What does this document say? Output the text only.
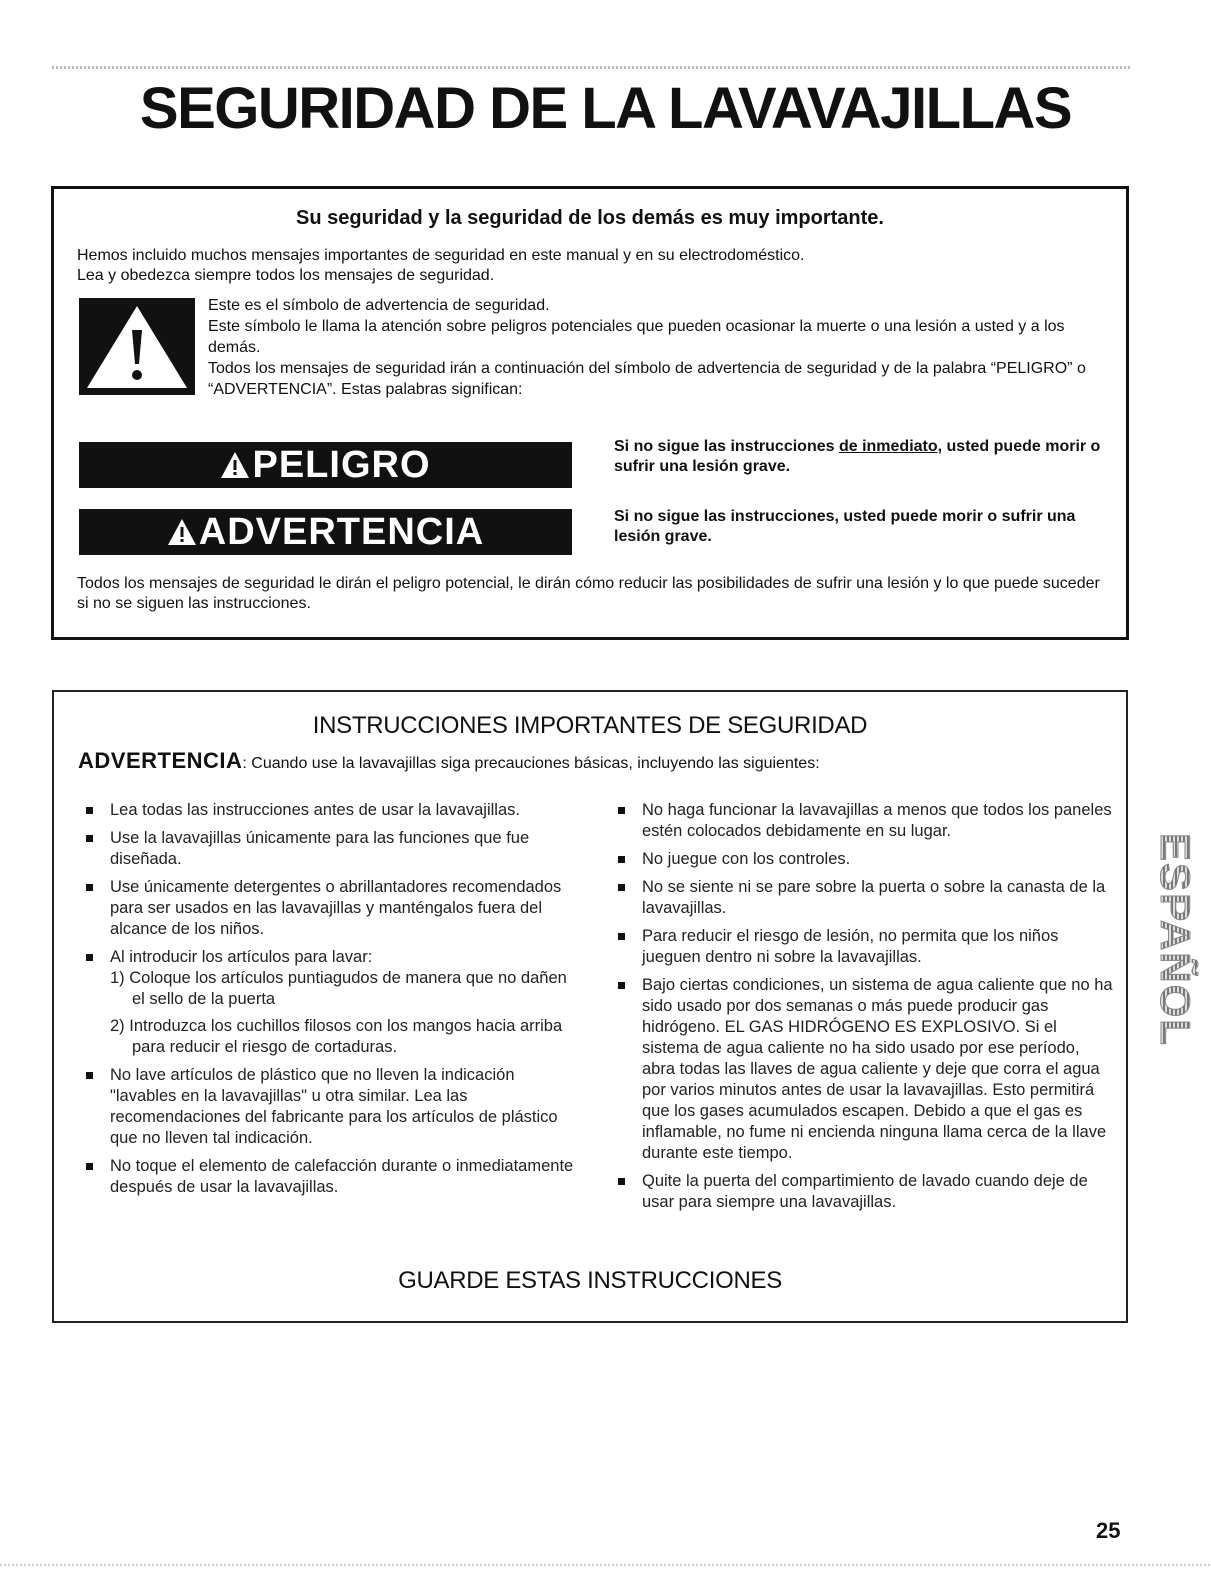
SEGURIDAD DE LA LAVAVAJILLAS
Su seguridad y la seguridad de los demás es muy importante.
Hemos incluido muchos mensajes importantes de seguridad en este manual y en su electrodoméstico.
Lea y obedezca siempre todos los mensajes de seguridad.
Este es el símbolo de advertencia de seguridad.
Este símbolo le llama la atención sobre peligros potenciales que pueden ocasionar la muerte o una lesión a usted y a los demás.
Todos los mensajes de seguridad irán a continuación del símbolo de advertencia de seguridad y de la palabra “PELIGRO” o “ADVERTENCIA”. Estas palabras significan:
PELIGRO	Si no sigue las instrucciones de inmediato, usted puede morir o sufrir una lesión grave.
ADVERTENCIA	Si no sigue las instrucciones, usted puede morir o sufrir una lesión grave.
Todos los mensajes de seguridad le dirán el peligro potencial, le dirán cómo reducir las posibilidades de sufrir una lesión y lo que puede suceder si no se siguen las instrucciones.
INSTRUCCIONES IMPORTANTES DE SEGURIDAD
ADVERTENCIA: Cuando use la lavavajillas siga precauciones básicas, incluyendo las siguientes:
Lea todas las instrucciones antes de usar la lavavajillas.
Use la lavavajillas únicamente para las funciones que fue diseñada.
Use únicamente detergentes o abrillantadores recomendados para ser usados en las lavavajillas y manténgalos fuera del alcance de los niños.
Al introducir los artículos para lavar:
1) Coloque los artículos puntiagudos de manera que no dañen el sello de la puerta
2) Introduzca los cuchillos filosos con los mangos hacia arriba para reducir el riesgo de cortaduras.
No lave artículos de plástico que no lleven la indicación "lavables en la lavavajillas" u otra similar. Lea las recomendaciones del fabricante para los artículos de plástico que no lleven tal indicación.
No toque el elemento de calefacción durante o inmediatamente después de usar la lavavajillas.
No haga funcionar la lavavajillas a menos que todos los paneles estén colocados debidamente en su lugar.
No juegue con los controles.
No se siente ni se pare sobre la puerta o sobre la canasta de la lavavajillas.
Para reducir el riesgo de lesión, no permita que los niños jueguen dentro ni sobre la lavavajillas.
Bajo ciertas condiciones, un sistema de agua caliente que no ha sido usado por dos semanas o más puede producir gas hidrógeno. EL GAS HIDRÓGENO ES EXPLOSIVO. Si el sistema de agua caliente no ha sido usado por ese período, abra todas las llaves de agua caliente y deje que corra el agua por varios minutos antes de usar la lavavajillas. Esto permitirá que los gases acumulados escapen. Debido a que el gas es inflamable, no fume ni encienda ninguna llama cerca de la llave durante este tiempo.
Quite la puerta del compartimiento de lavado cuando deje de usar para siempre una lavavajillas.
GUARDE ESTAS INSTRUCCIONES
ESPAÑOL
25
